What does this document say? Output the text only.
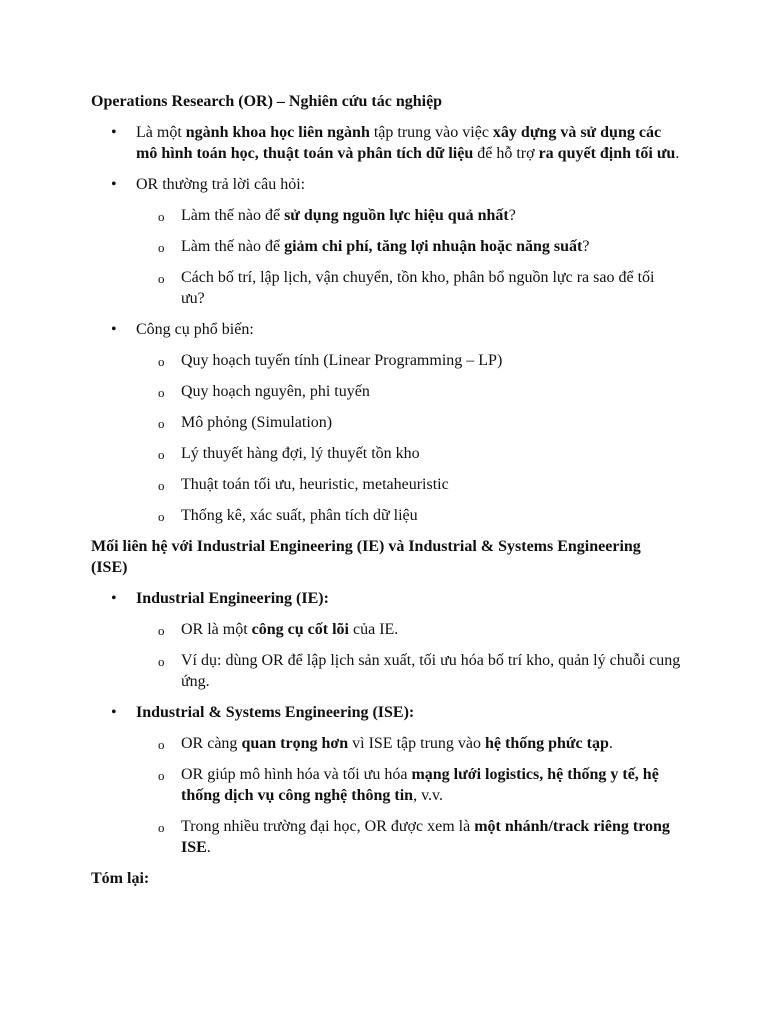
Operations Research (OR) – Nghiên cứu tác nghiệp

• Là một ngành khoa học liên ngành tập trung vào việc xây dựng và sử dụng các mô hình toán học, thuật toán và phân tích dữ liệu để hỗ trợ ra quyết định tối ưu.
• OR thường trả lời câu hỏi:
o Làm thế nào để sử dụng nguồn lực hiệu quả nhất?
o Làm thế nào để giảm chi phí, tăng lợi nhuận hoặc năng suất?
o Cách bố trí, lập lịch, vận chuyển, tồn kho, phân bổ nguồn lực ra sao để tối ưu?
• Công cụ phổ biến:
o Quy hoạch tuyến tính (Linear Programming – LP)
o Quy hoạch nguyên, phi tuyến
o Mô phỏng (Simulation)
o Lý thuyết hàng đợi, lý thuyết tồn kho
o Thuật toán tối ưu, heuristic, metaheuristic
o Thống kê, xác suất, phân tích dữ liệu

Mối liên hệ với Industrial Engineering (IE) và Industrial & Systems Engineering (ISE)

• Industrial Engineering (IE):
o OR là một công cụ cốt lõi của IE.
o Ví dụ: dùng OR để lập lịch sản xuất, tối ưu hóa bố trí kho, quản lý chuỗi cung ứng.
• Industrial & Systems Engineering (ISE):
o OR càng quan trọng hơn vì ISE tập trung vào hệ thống phức tạp.
o OR giúp mô hình hóa và tối ưu hóa mạng lưới logistics, hệ thống y tế, hệ thống dịch vụ công nghệ thông tin, v.v.
o Trong nhiều trường đại học, OR được xem là một nhánh/track riêng trong ISE.

Tóm lại:
